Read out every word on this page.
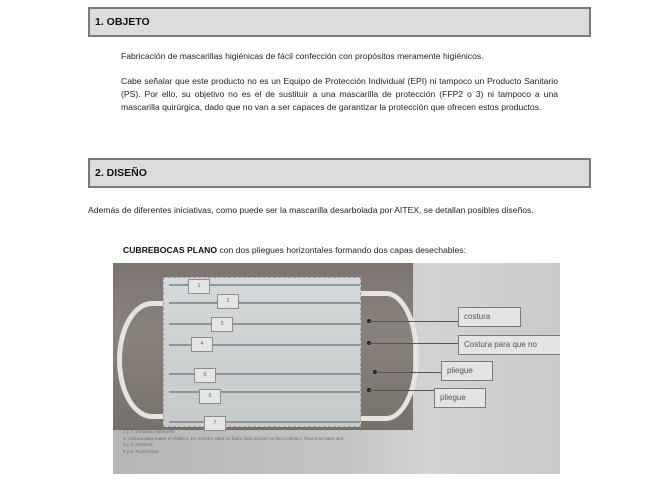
1. OBJETO

Fabricación de mascarillas higiénicas de fácil confección con propósitos meramente higiénicos.

Cabe señalar que este producto no es un Equipo de Protección Individual (EPI) ni tampoco un Producto Sanitario (PS). Por ello, su objetivo no es el de sustituir a una mascarilla de protección (FFP2 o 3) ni tampoco a una mascarilla quirúrgica, dado que no van a ser capaces de garantizar la protección que ofrecen estos productos.

2. DISEÑO

Además de diferentes iniciativas, como puede ser la mascarilla desarbolada por AITEX, se detallan posibles diseños.

CUBREBOCAS PLANO con dos pliegues horizontales formando dos capas desechables:

1
2
3
4
5
6
7
costura
Costura para que no
pliegue
pliegue
1 y 7: costuras exteriores
2: costura para meter el elástico. En nuestro caso no haría falta porque no lleva elástico, lleva tiras para atar
3 y 4: costuras
5 y 6: PLIEGUES
